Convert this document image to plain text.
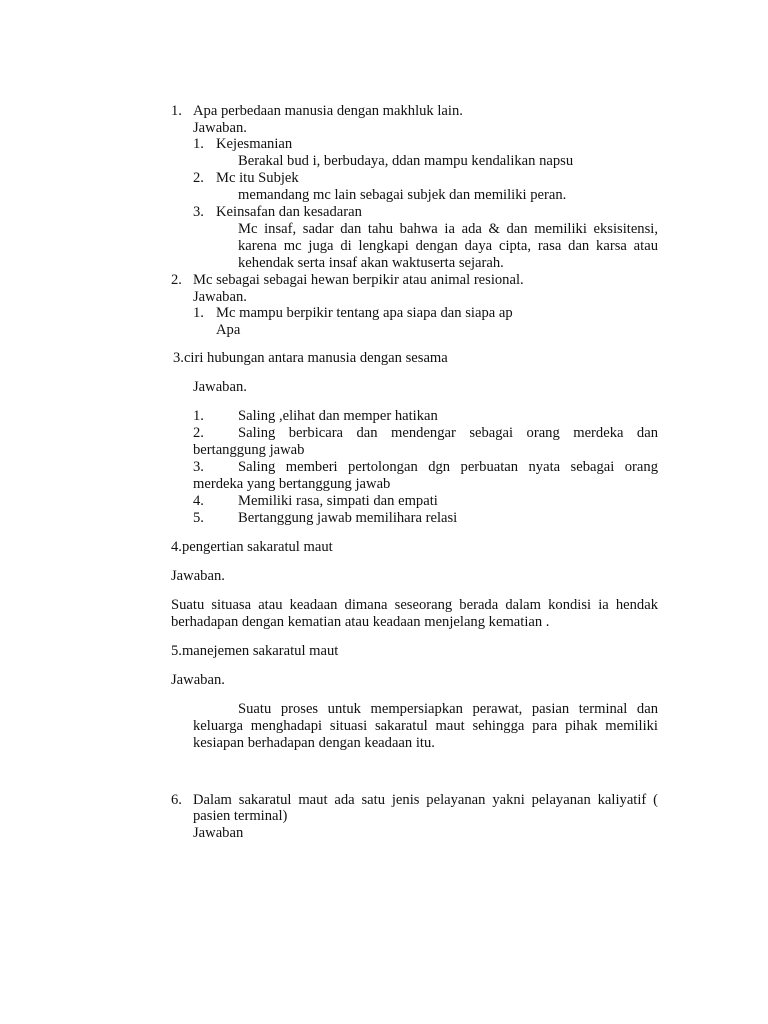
1. Apa perbedaan manusia dengan makhluk lain.
Jawaban.
1. Kejesmanian
Berakal bud i, berbudaya, ddan mampu kendalikan napsu
2. Mc itu Subjek
memandang mc lain sebagai subjek dan memiliki peran.
3. Keinsafan dan kesadaran
Mc insaf, sadar dan tahu bahwa ia ada & dan memiliki eksisitensi,
karena mc juga di lengkapi dengan daya cipta, rasa dan karsa atau
kehendak serta insaf akan waktuserta sejarah.
2. Mc sebagai sebagai hewan berpikir atau animal resional.
Jawaban.
1. Mc mampu berpikir tentang apa siapa dan siapa ap
Apa
3.ciri hubungan antara manusia dengan sesama
Jawaban.
1. Saling ,elihat dan memper hatikan
2. Saling berbicara dan mendengar sebagai orang merdeka dan
bertanggung jawab
3. Saling memberi pertolongan dgn perbuatan nyata sebagai orang
merdeka yang bertanggung jawab
4. Memiliki rasa, simpati dan empati
5. Bertanggung jawab memilihara relasi
4.pengertian sakaratul maut
Jawaban.
Suatu situasa atau keadaan dimana seseorang berada dalam kondisi ia hendak
berhadapan dengan kematian atau keadaan menjelang kematian .
5.manejemen sakaratul maut
Jawaban.
Suatu proses untuk mempersiapkan perawat, pasian terminal dan
keluarga menghadapi situasi sakaratul maut sehingga para pihak memiliki
kesiapan berhadapan dengan keadaan itu.
6. Dalam sakaratul maut ada satu jenis pelayanan yakni pelayanan kaliyatif (
pasien terminal)
Jawaban
